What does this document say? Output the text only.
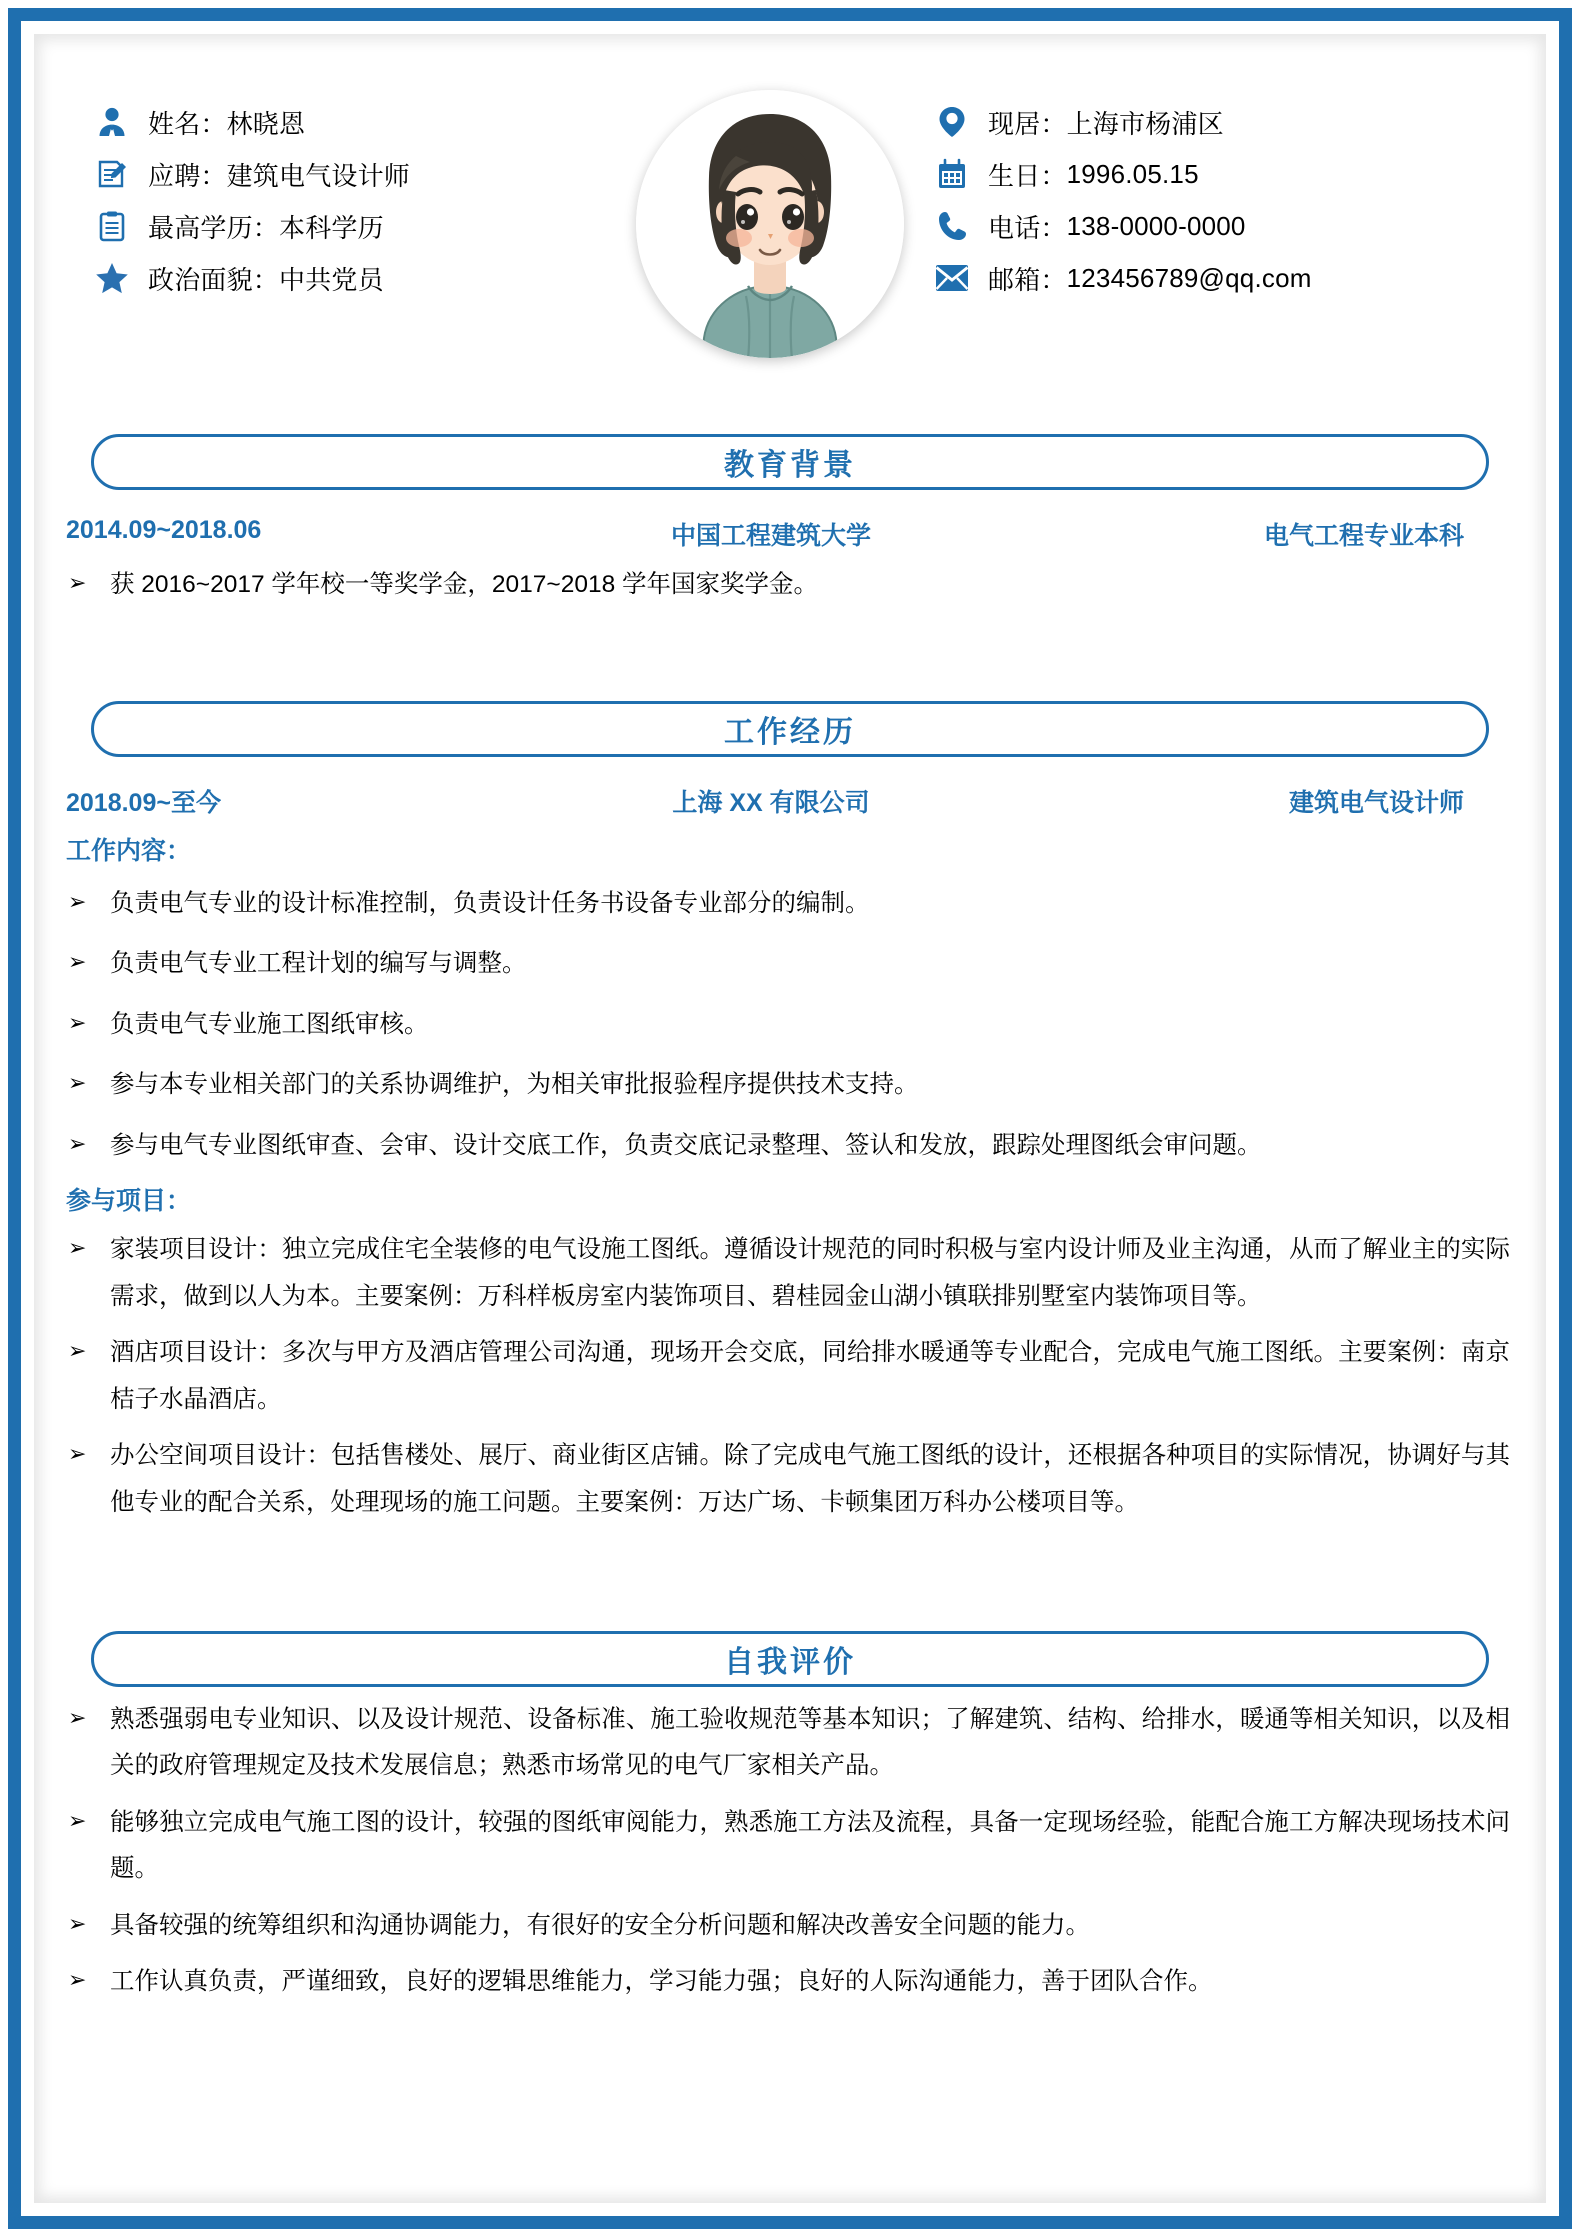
姓名： 林晓恩
应聘： 建筑电气设计师
最高学历： 本科学历
政治面貌： 中共党员
现居： 上海市杨浦区
生日： 1996.05.15
电话： 138-0000-0000
邮箱： 123456789@qq.com
教育背景
2014.09~2018.06	中国工程建筑大学	电气工程专业本科
➢ 获 2016~2017 学年校一等奖学金，2017~2018 学年国家奖学金。
工作经历
2018.09~至今	上海 XX 有限公司	建筑电气设计师
工作内容：
➢ 负责电气专业的设计标准控制，负责设计任务书设备专业部分的编制。
➢ 负责电气专业工程计划的编写与调整。
➢ 负责电气专业施工图纸审核。
➢ 参与本专业相关部门的关系协调维护，为相关审批报验程序提供技术支持。
➢ 参与电气专业图纸审查、会审、设计交底工作，负责交底记录整理、签认和发放，跟踪处理图纸会审问题。
参与项目：
➢ 家装项目设计：独立完成住宅全装修的电气设施工图纸。遵循设计规范的同时积极与室内设计师及业主沟通，从而了解业主的实际需求，做到以人为本。主要案例：万科样板房室内装饰项目、碧桂园金山湖小镇联排别墅室内装饰项目等。
➢ 酒店项目设计：多次与甲方及酒店管理公司沟通，现场开会交底，同给排水暖通等专业配合，完成电气施工图纸。主要案例：南京桔子水晶酒店。
➢ 办公空间项目设计：包括售楼处、展厅、商业街区店铺。除了完成电气施工图纸的设计，还根据各种项目的实际情况，协调好与其他专业的配合关系，处理现场的施工问题。主要案例：万达广场、卡顿集团万科办公楼项目等。
自我评价
➢ 熟悉强弱电专业知识、以及设计规范、设备标准、施工验收规范等基本知识；了解建筑、结构、给排水，暖通等相关知识，以及相关的政府管理规定及技术发展信息；熟悉市场常见的电气厂家相关产品。
➢ 能够独立完成电气施工图的设计，较强的图纸审阅能力，熟悉施工方法及流程，具备一定现场经验，能配合施工方解决现场技术问题。
➢ 具备较强的统筹组织和沟通协调能力，有很好的安全分析问题和解决改善安全问题的能力。
➢ 工作认真负责，严谨细致，良好的逻辑思维能力，学习能力强；良好的人际沟通能力，善于团队合作。
